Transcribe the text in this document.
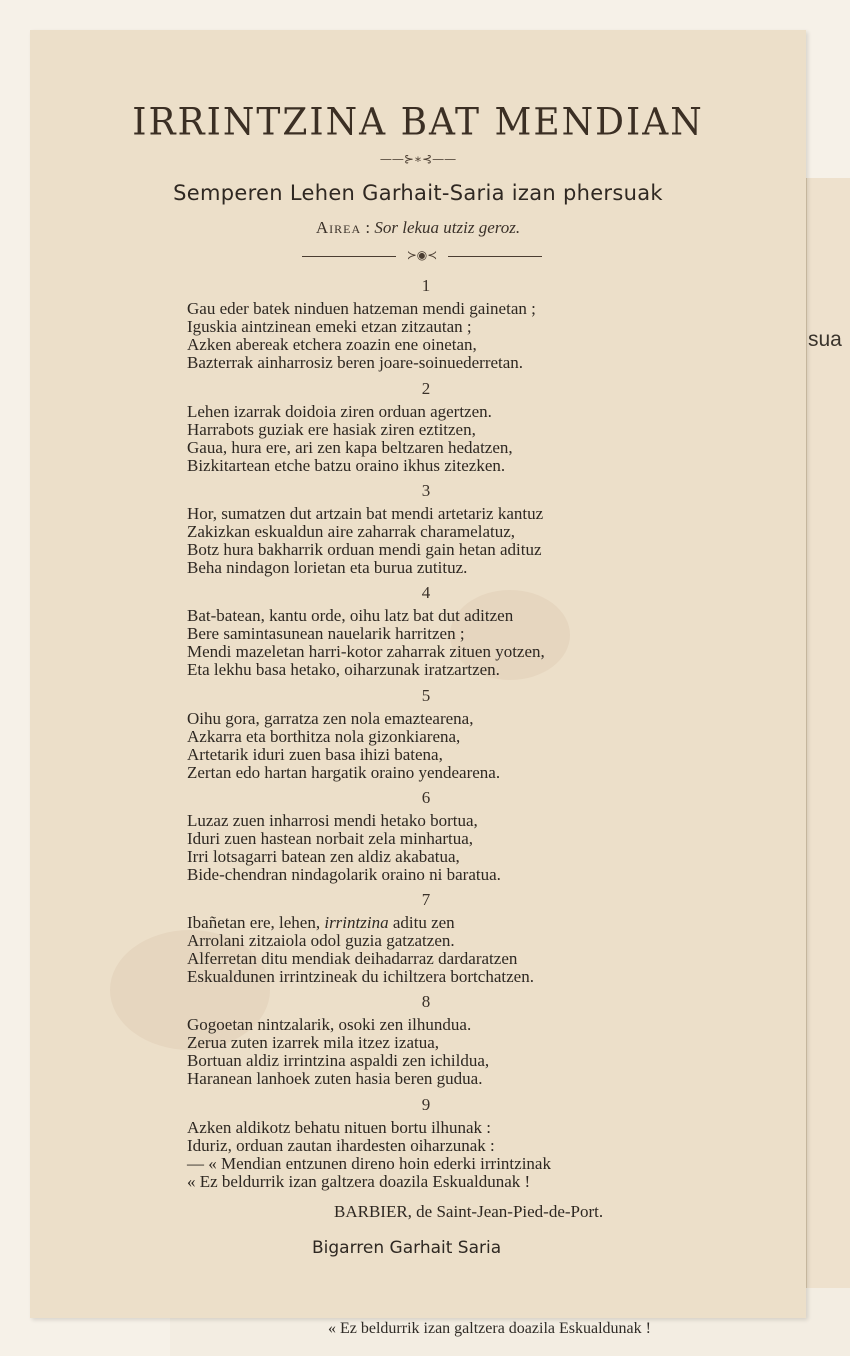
sua
« Ez beldurrik izan galtzera doazila Eskualdunak !
IRRINTZINA BAT MENDIAN
——⊱∗⊰——
Semperen Lehen Garhait-Saria izan phersuak
Airea : Sor lekua utziz geroz.
≻◉≺
1
Gau eder batek ninduen hatzeman mendi gainetan ;
Iguskia aintzinean emeki etzan zitzautan ;
Azken abereak etchera zoazin ene oinetan,
Bazterrak ainharrosiz beren joare-soinuederretan.
2
Lehen izarrak doidoia ziren orduan agertzen.
Harrabots guziak ere hasiak ziren eztitzen,
Gaua, hura ere, ari zen kapa beltzaren hedatzen,
Bizkitartean etche batzu oraino ikhus zitezken.
3
Hor, sumatzen dut artzain bat mendi artetariz kantuz
Zakizkan eskualdun aire zaharrak charamelatuz,
Botz hura bakharrik orduan mendi gain hetan adituz
Beha nindagon lorietan eta burua zutituz.
4
Bat-batean, kantu orde, oihu latz bat dut aditzen
Bere samintasunean nauelarik harritzen ;
Mendi mazeletan harri-kotor zaharrak zituen yotzen,
Eta lekhu basa hetako, oiharzunak iratzartzen.
5
Oihu gora, garratza zen nola emaztearena,
Azkarra eta borthitza nola gizonkiarena,
Artetarik iduri zuen basa ihizi batena,
Zertan edo hartan hargatik oraino yendearena.
6
Luzaz zuen inharrosi mendi hetako bortua,
Iduri zuen hastean norbait zela minhartua,
Irri lotsagarri batean zen aldiz akabatua,
Bide-chendran nindagolarik oraino ni baratua.
7
Ibañetan ere, lehen, irrintzina aditu zen
Arrolani zitzaiola odol guzia gatzatzen.
Alferretan ditu mendiak deihadarraz dardaratzen
Eskualdunen irrintzineak du ichiltzera bortchatzen.
8
Gogoetan nintzalarik, osoki zen ilhundua.
Zerua zuten izarrek mila itzez izatua,
Bortuan aldiz irrintzina aspaldi zen ichildua,
Haranean lanhoek zuten hasia beren gudua.
9
Azken aldikotz behatu nituen bortu ilhunak :
Iduriz, orduan zautan ihardesten oiharzunak :
— « Mendian entzunen direno hoin ederki irrintzinak
« Ez beldurrik izan galtzera doazila Eskualdunak !
BARBIER, de Saint-Jean-Pied-de-Port.
Bigarren Garhait Saria
